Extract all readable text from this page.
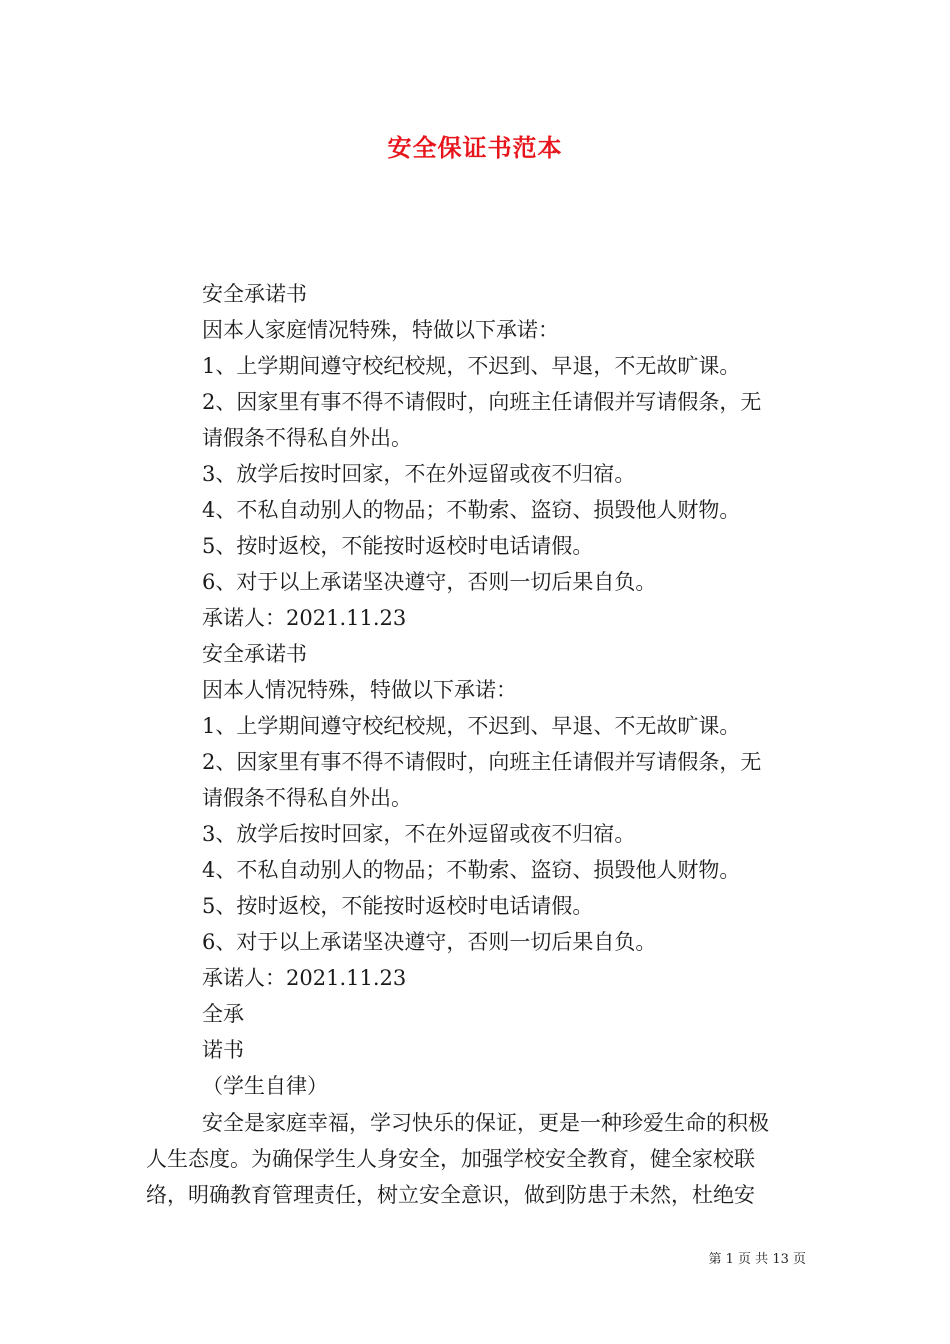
安全保证书范本
安全承诺书
因本人家庭情况特殊，特做以下承诺：
1、上学期间遵守校纪校规，不迟到、早退，不无故旷课。
2、因家里有事不得不请假时，向班主任请假并写请假条，无
请假条不得私自外出。
3、放学后按时回家，不在外逗留或夜不归宿。
4、不私自动别人的物品；不勒索、盗窃、损毁他人财物。
5、按时返校，不能按时返校时电话请假。
6、对于以上承诺坚决遵守，否则一切后果自负。
承诺人：2021.11.23
安全承诺书
因本人情况特殊，特做以下承诺：
1、上学期间遵守校纪校规，不迟到、早退、不无故旷课。
2、因家里有事不得不请假时，向班主任请假并写请假条，无
请假条不得私自外出。
3、放学后按时回家，不在外逗留或夜不归宿。
4、不私自动别人的物品；不勒索、盗窃、损毁他人财物。
5、按时返校，不能按时返校时电话请假。
6、对于以上承诺坚决遵守，否则一切后果自负。
承诺人：2021.11.23
全承
诺书
（学生自律）
安全是家庭幸福，学习快乐的保证，更是一种珍爱生命的积极
人生态度。为确保学生人身安全，加强学校安全教育，健全家校联
络，明确教育管理责任，树立安全意识，做到防患于未然，杜绝安
第 1 页 共 13 页
